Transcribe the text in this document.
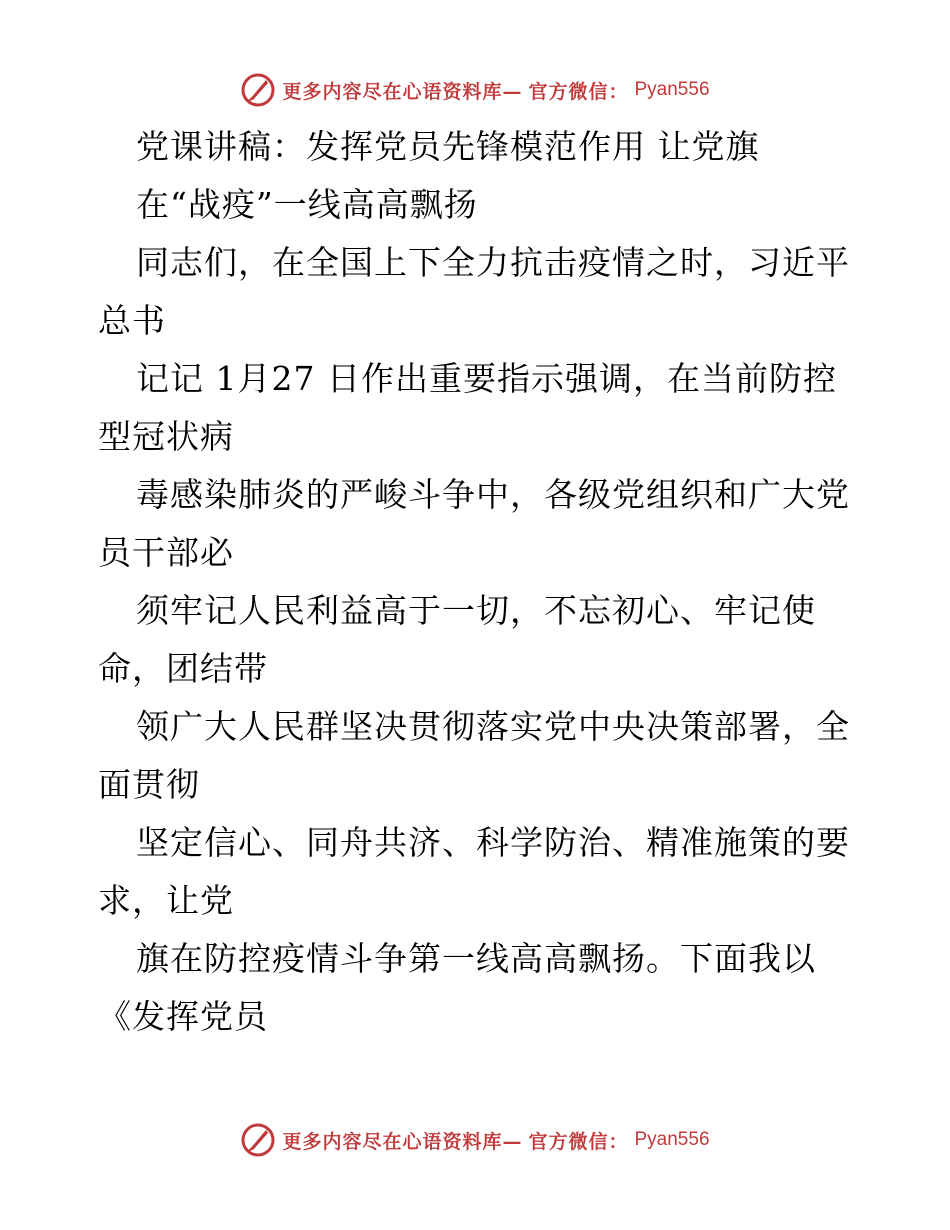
更多内容尽在心语资料库— 官方微信： Pyan556
党课讲稿：发挥党员先锋模范作用 让党旗
在“战疫”一线高高飘扬
同志们，在全国上下全力抗击疫情之时，习近平
总书
记记 1月27 日作出重要指示强调，在当前防控
型冠状病
毒感染肺炎的严峻斗争中，各级党组织和广大党
员干部必
须牢记人民利益高于一切，不忘初心、牢记使
命，团结带
领广大人民群坚决贯彻落实党中央决策部署，全
面贯彻
坚定信心、同舟共济、科学防治、精准施策的要
求，让党
旗在防控疫情斗争第一线高高飘扬。下面我以
《发挥党员
更多内容尽在心语资料库— 官方微信： Pyan556
